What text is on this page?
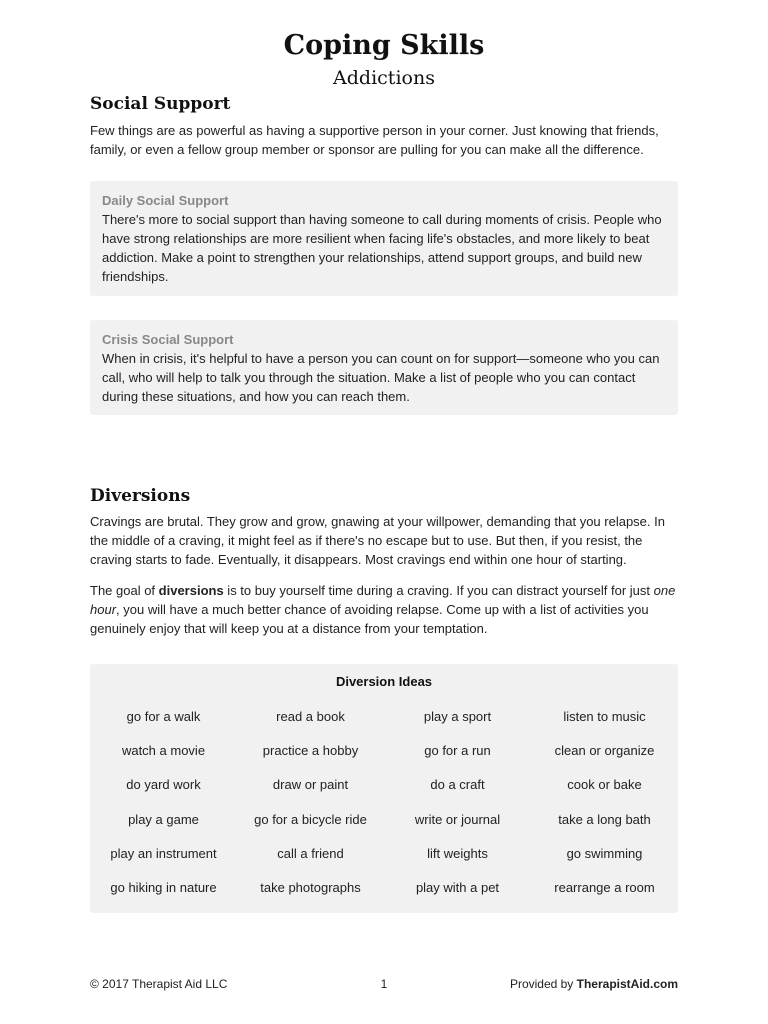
Coping Skills
Addictions
Social Support
Few things are as powerful as having a supportive person in your corner. Just knowing that friends, family, or even a fellow group member or sponsor are pulling for you can make all the difference.
Daily Social Support
There's more to social support than having someone to call during moments of crisis. People who have strong relationships are more resilient when facing life's obstacles, and more likely to beat addiction. Make a point to strengthen your relationships, attend support groups, and build new friendships.
Crisis Social Support
When in crisis, it's helpful to have a person you can count on for support—someone who you can call, who will help to talk you through the situation. Make a list of people who you can contact during these situations, and how you can reach them.
Diversions
Cravings are brutal. They grow and grow, gnawing at your willpower, demanding that you relapse. In the middle of a craving, it might feel as if there's no escape but to use. But then, if you resist, the craving starts to fade. Eventually, it disappears. Most cravings end within one hour of starting.
The goal of diversions is to buy yourself time during a craving. If you can distract yourself for just one hour, you will have a much better chance of avoiding relapse. Come up with a list of activities you genuinely enjoy that will keep you at a distance from your temptation.
Diversion Ideas
go for a walk	read a book	play a sport	listen to music
watch a movie	practice a hobby	go for a run	clean or organize
do yard work	draw or paint	do a craft	cook or bake
play a game	go for a bicycle ride	write or journal	take a long bath
play an instrument	call a friend	lift weights	go swimming
go hiking in nature	take photographs	play with a pet	rearrange a room
© 2017 Therapist Aid LLC	1	Provided by TherapistAid.com
